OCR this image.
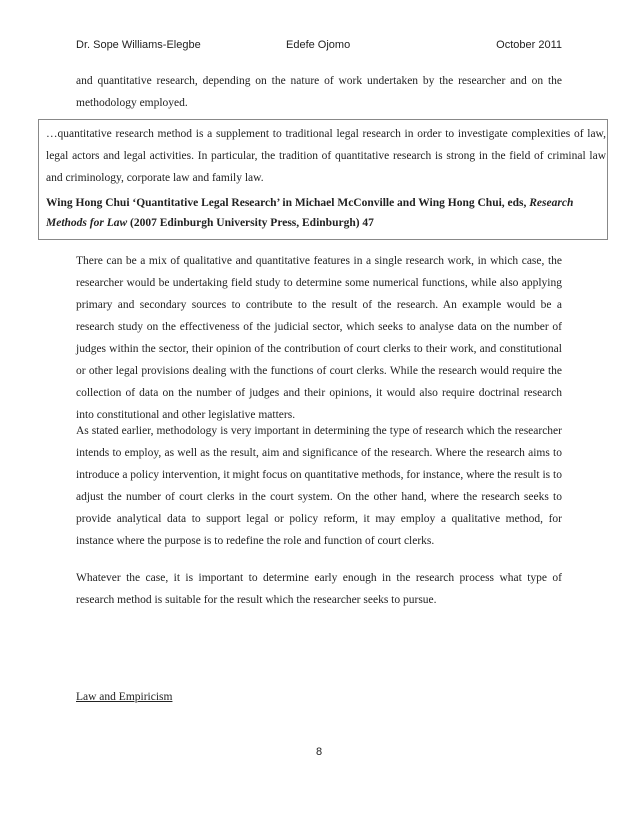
Dr. Sope Williams-Elegbe	Edefe Ojomo	October 2011

and quantitative research, depending on the nature of work undertaken by the researcher and on the methodology employed.

…quantitative research method is a supplement to traditional legal research in order to investigate complexities of law, legal actors and legal activities. In particular, the tradition of quantitative research is strong in the field of criminal law and criminology, corporate law and family law.

Wing Hong Chui ‘Quantitative Legal Research’ in Michael McConville and Wing Hong Chui, eds, Research Methods for Law (2007 Edinburgh University Press, Edinburgh) 47

There can be a mix of qualitative and quantitative features in a single research work, in which case, the researcher would be undertaking field study to determine some numerical functions, while also applying primary and secondary sources to contribute to the result of the research. An example would be a research study on the effectiveness of the judicial sector, which seeks to analyse data on the number of judges within the sector, their opinion of the contribution of court clerks to their work, and constitutional or other legal provisions dealing with the functions of court clerks. While the research would require the collection of data on the number of judges and their opinions, it would also require doctrinal research into constitutional and other legislative matters.

As stated earlier, methodology is very important in determining the type of research which the researcher intends to employ, as well as the result, aim and significance of the research. Where the research aims to introduce a policy intervention, it might focus on quantitative methods, for instance, where the result is to adjust the number of court clerks in the court system. On the other hand, where the research seeks to provide analytical data to support legal or policy reform, it may employ a qualitative method, for instance where the purpose is to redefine the role and function of court clerks.

Whatever the case, it is important to determine early enough in the research process what type of research method is suitable for the result which the researcher seeks to pursue.

Law and Empiricism

8
